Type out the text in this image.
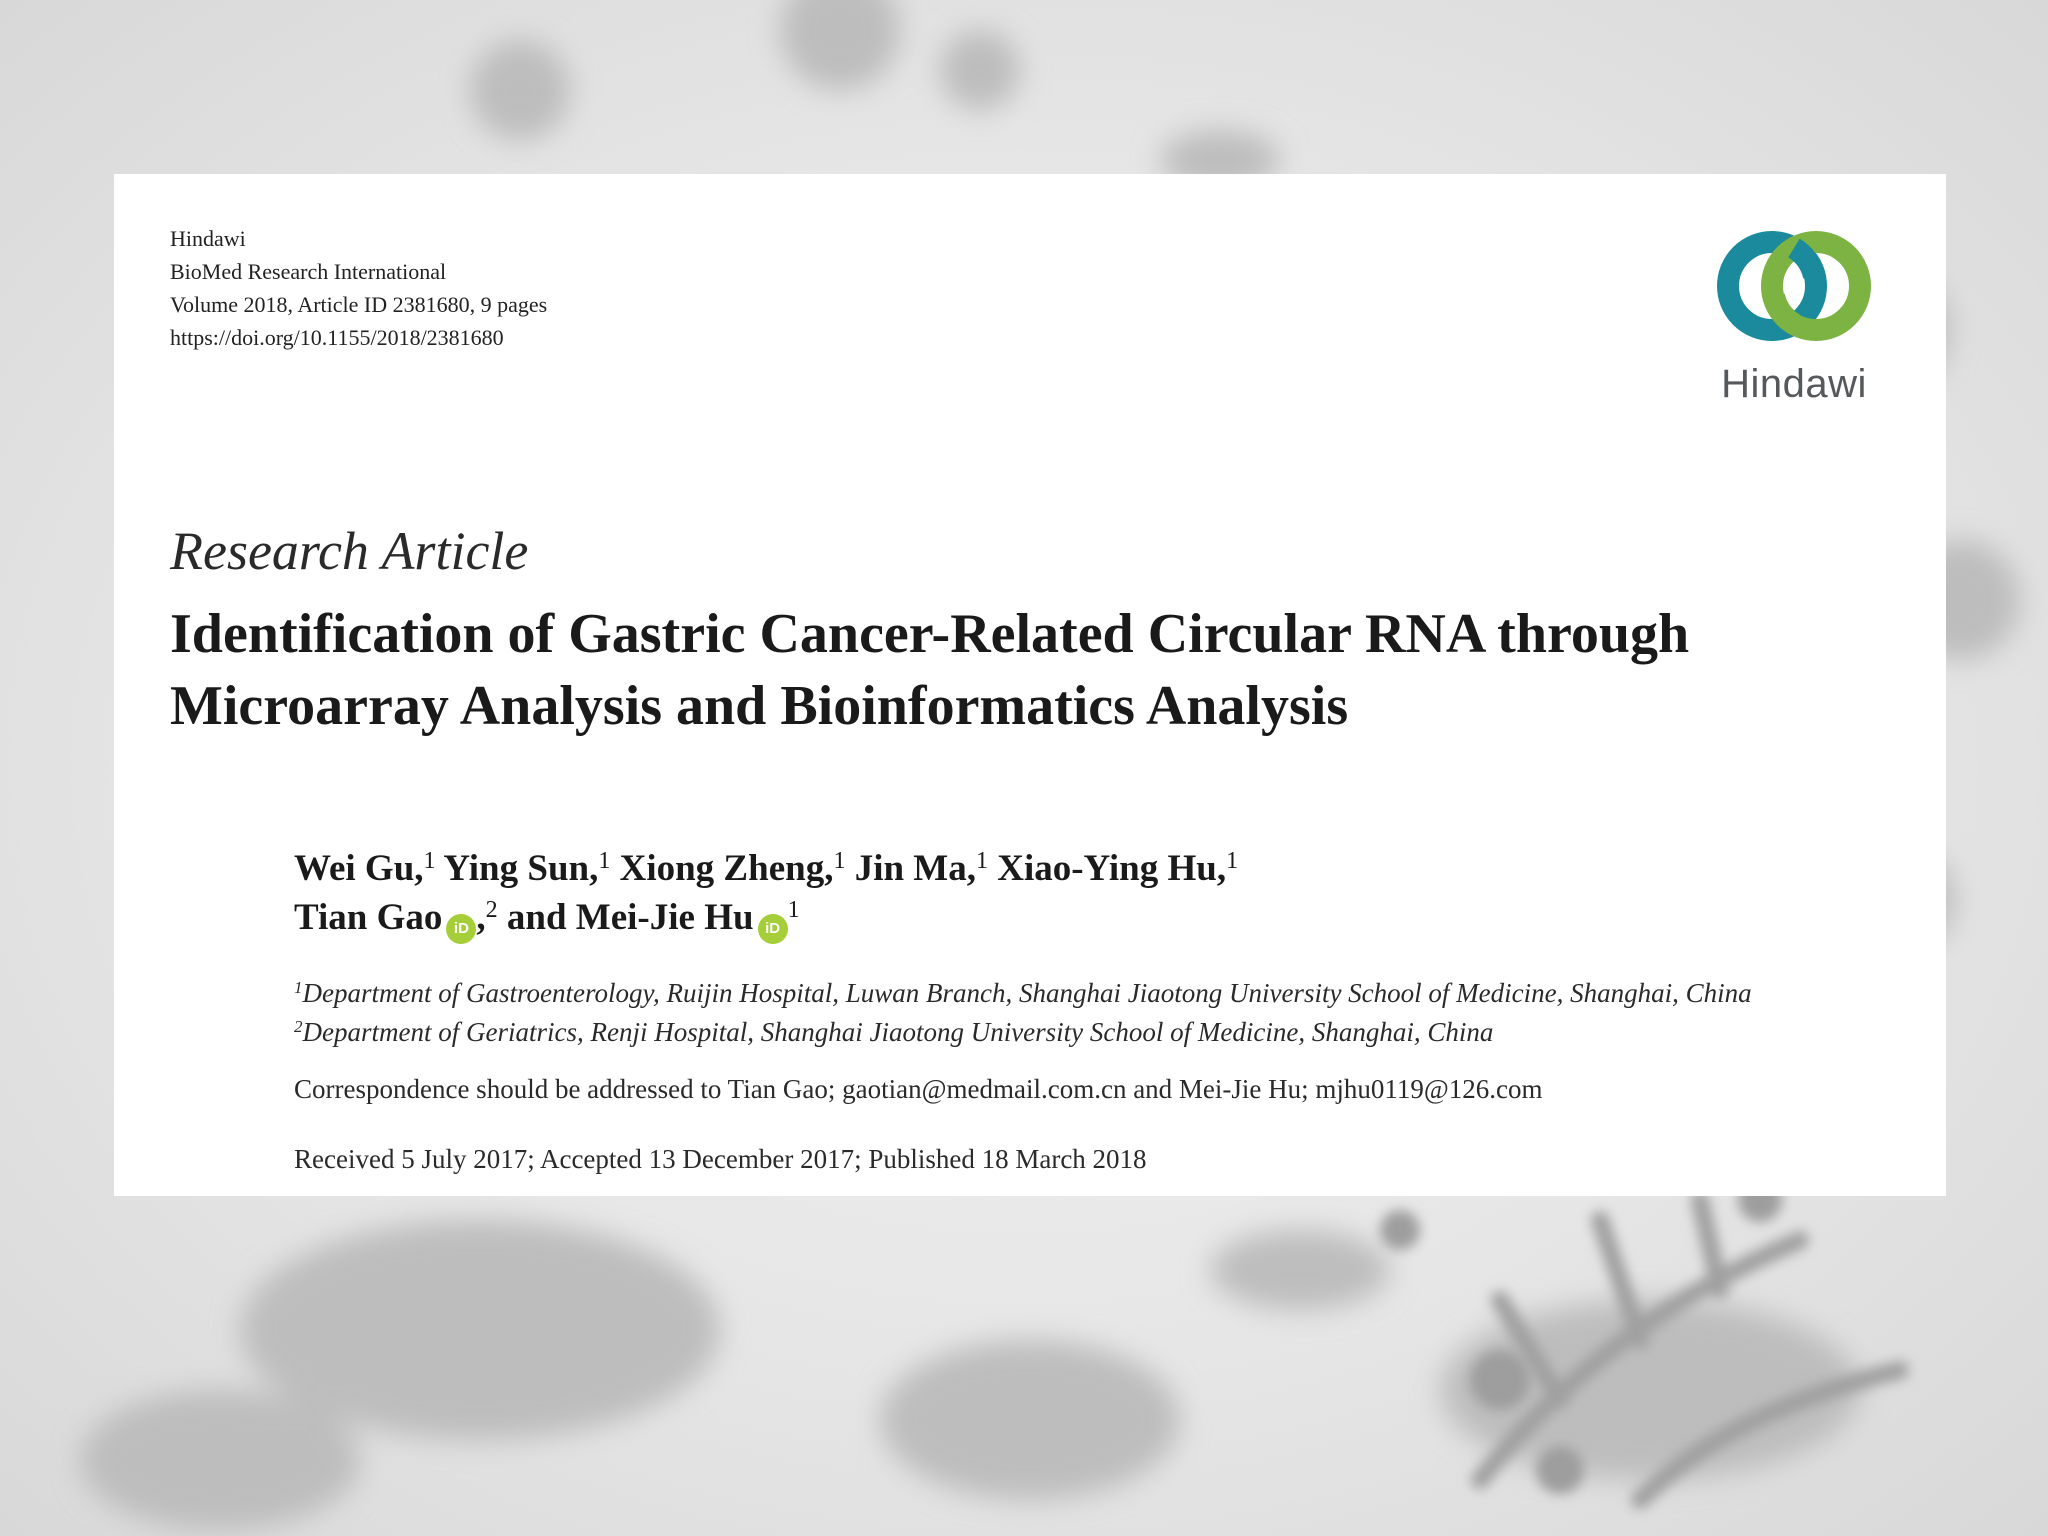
Hindawi
BioMed Research International
Volume 2018, Article ID 2381680, 9 pages
https://doi.org/10.1155/2018/2381680
Hindawi
Research Article
Identification of Gastric Cancer-Related Circular RNA through
Microarray Analysis and Bioinformatics Analysis
Wei Gu,$^1$ Ying Sun,$^1$ Xiong Zheng,$^1$ Jin Ma,$^1$ Xiao-Ying Hu,$^1$
Tian Gao iD ,$^2$ and Mei-Jie Hu $iD^1$
$^1$Department of Gastroenterology, Ruijin Hospital, Luwan Branch, Shanghai Jiaotong University School of Medicine, Shanghai, China
$^2$Department of Geriatrics, Renji Hospital, Shanghai Jiaotong University School of Medicine, Shanghai, China
Correspondence should be addressed to Tian Gao; gaotian@medmail.com.cn and Mei-Jie Hu; mjhu0119@126.com
Received 5 July 2017; Accepted 13 December 2017; Published 18 March 2018
